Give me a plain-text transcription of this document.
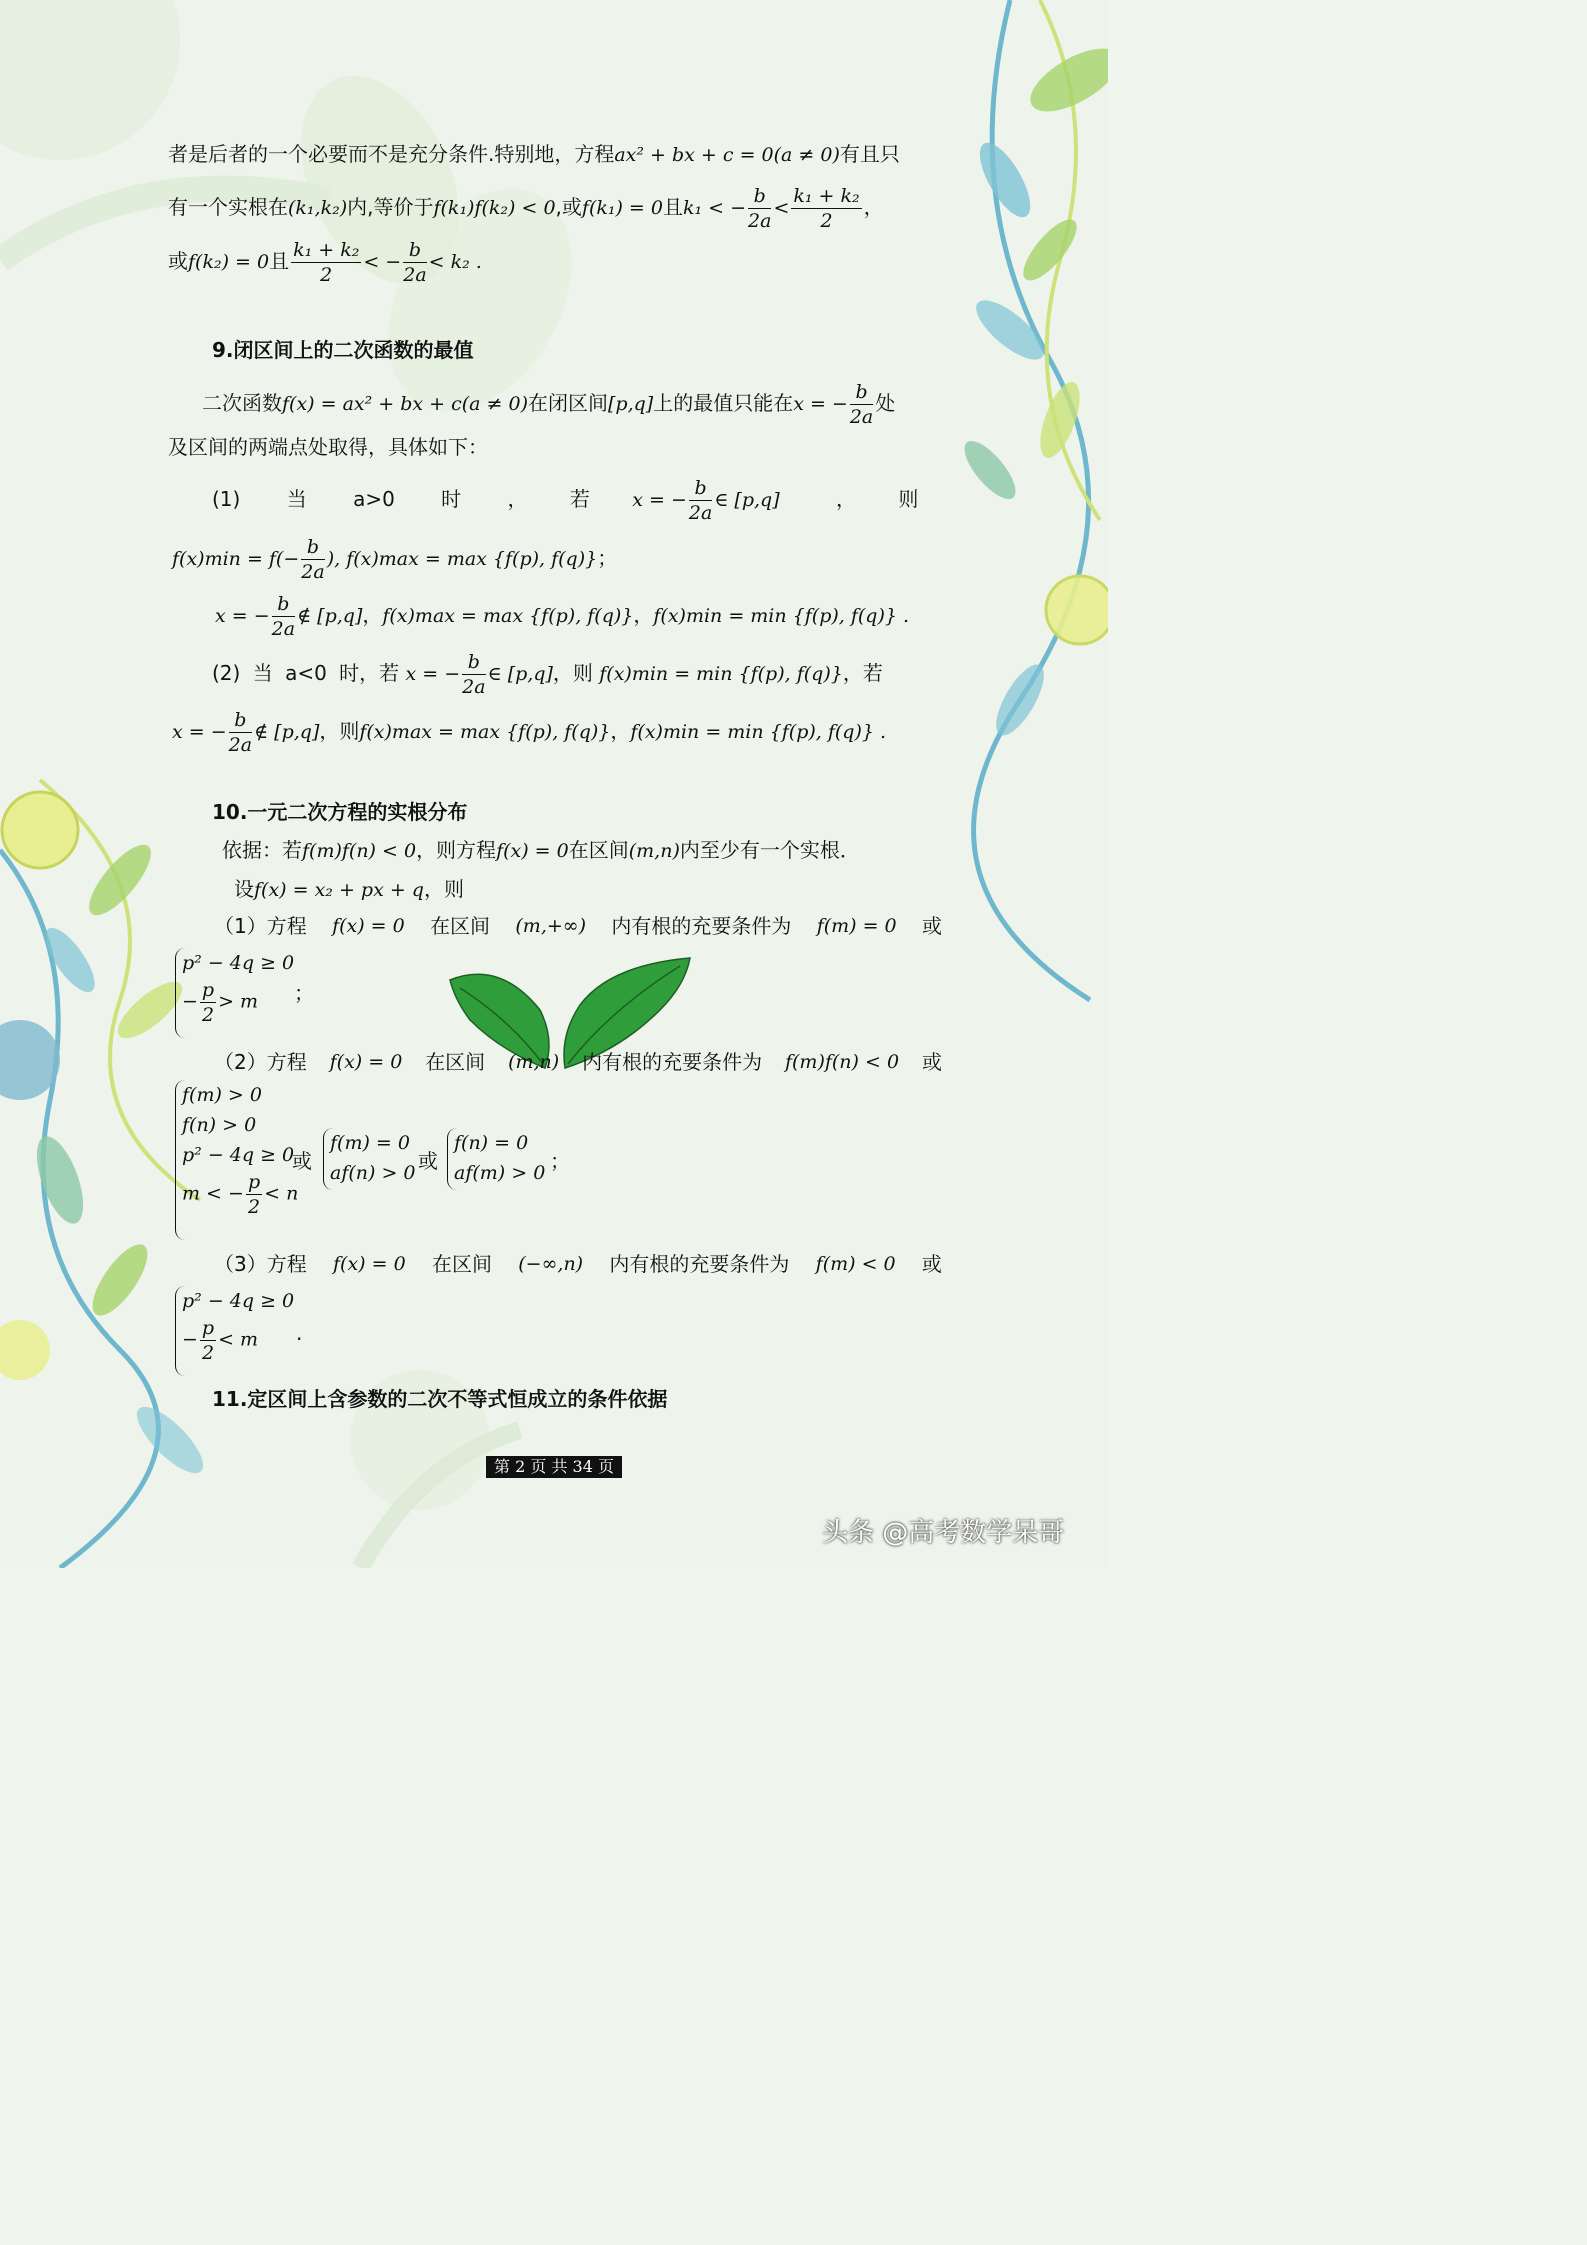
者是后者的一个必要而不是充分条件.特别地，方程ax² + bx + c = 0(a ≠ 0)有且只
有一个实根在(k₁,k₂)内,等价于f(k₁)f(k₂) < 0,或f(k₁) = 0且k₁ < − $\frac{b}{2a} < \frac{\text{k₁ + k₂}}{2}$ ，
或f(k₂) = 0且 $\frac{\text{k₁ + k₂}}{2}$ < − $\frac{b}{2a} < k_2$ .
9.闭区间上的二次函数的最值
二次函数f(x) = ax² + bx + c(a ≠ 0)在闭区间[p,q]上的最值只能在x = − $\frac{b}{2a}$ 处
及区间的两端点处取得，具体如下：
(1) 当 a>0 时 ， 若 x = − $\frac{b}{2a}$ ∈ [p,q]	， 则
$f(x)\min = f(- \frac{b}{2a}$ ), f(x)max = max {f(p), f(q)}；
x = − $\frac{b}{2a}$ ∉ [p,q]，f(x)max = max {f(p), f(q)}，f(x)min = min {f(p), f(q)} .
(2) 当 a<0 时，若 x = − $\frac{b}{2a}$ ∈ [p,q]，则 f(x)min = min {f(p), f(q)}，若
x = − $\frac{b}{2a}$ ∉ [p,q]，则f(x)max = max {f(p), f(q)}，f(x)min = min {f(p), f(q)} .
10.一元二次方程的实根分布
依据：若f(m)f(n) < 0，则方程f(x) = 0在区间(m,n)内至少有一个实根．
设f(x) = x₂ + px + q，则
（1）方程 f(x) = 0 在区间 (m,+∞) 内有根的充要条件为 f(m) = 0 或
p² − 4q ≥ 0
− $\frac{p}{2} > m$	；
（2）方程 f(x) = 0 在区间 (m,n) 内有根的充要条件为 f(m)f(n) < 0 或
f(m) > 0
f(n) > 0
p² − 4q ≥ 0
m < − $\frac{p}{2} < n$
或
f(m) = 0
af(n) > 0 或
f(n) = 0
af(m) > 0 ；
（3）方程 f(x) = 0 在区间 (−∞,n) 内有根的充要条件为 f(m) < 0 或
p² − 4q ≥ 0
− $\frac{p}{2} < m$	.
11.定区间上含参数的二次不等式恒成立的条件依据
第 2 页 共 34 页
头条 @高考数学呆哥
